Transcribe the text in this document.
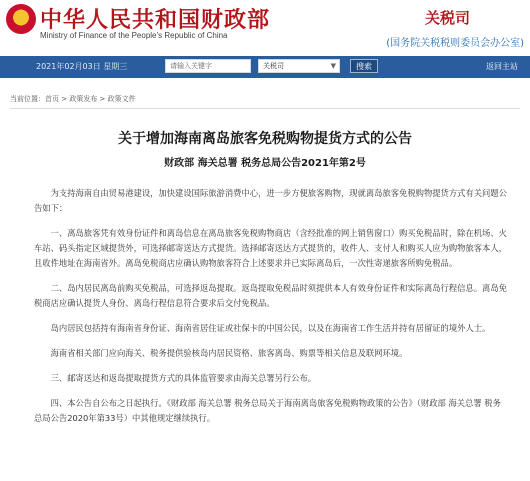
★ 中华人民共和国财政部
Ministry of Finance of the People’s Republic of China
关税司
(国务院关税税则委员会办公室)
2021年02月03日 星期三	请输入关键字	关税司	▼	搜索	返回主站
当前位置：首页 > 政策发布 > 政策文件
关于增加海南离岛旅客免税购物提货方式的公告
财政部 海关总署 税务总局公告2021年第2号

为支持海南自由贸易港建设，加快建设国际旅游消费中心，进一步方便旅客购物，现就离岛旅客免税购物提货方式有关问题公告如下：

一、离岛旅客凭有效身份证件和离岛信息在离岛旅客免税购物商店（含经批准的网上销售窗口）购买免税品时，除在机场、火车站、码头指定区域提货外，可选择邮寄送达方式提货。选择邮寄送达方式提货的，收件人、支付人和购买人应为购物旅客本人，且收件地址在海南省外。离岛免税商店应确认购物旅客符合上述要求并已实际离岛后，一次性寄递旅客所购免税品。

二、岛内居民离岛前购买免税品，可选择返岛提取。返岛提取免税品时须提供本人有效身份证件和实际离岛行程信息。离岛免税商店应确认提货人身份、离岛行程信息符合要求后交付免税品。

岛内居民包括持有海南省身份证、海南省居住证或社保卡的中国公民，以及在海南省工作生活并持有居留证的境外人士。

海南省相关部门应向海关、税务提供验核岛内居民资格、旅客离岛、购票等相关信息及联网环境。

三、邮寄送达和返岛提取提货方式的具体监管要求由海关总署另行公布。

四、本公告自公布之日起执行。《财政部 海关总署 税务总局关于海南离岛旅客免税购物政策的公告》（财政部 海关总署 税务总局公告2020年第33号）中其他规定继续执行。
